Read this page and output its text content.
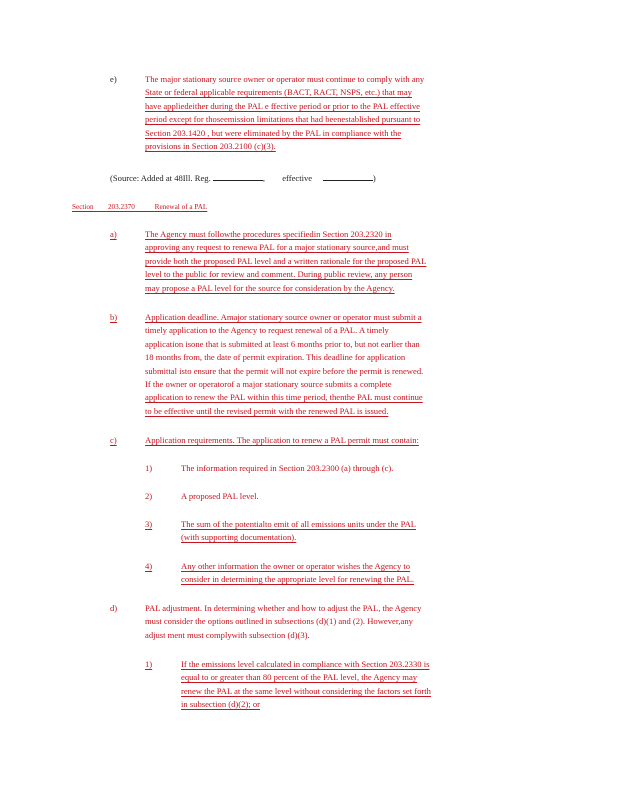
e)	The major stationary source owner or operator must continue to comply with any
State or federal applicable requirements (BACT, RACT, NSPS, etc.) that may
have appliedeither during the PAL e ffective period or prior to the PAL effective
period except for thoseemission limitations that had beenestablished pursuant to
Section 203.1420 , but were eliminated by the PAL in compliance with the
provisions in Section 203.2100 (c)(3).
(Source: Added at 48Ill. Reg.	, effective	)
Section 203.2370	Renewal of a PAL
a)	The Agency must followthe procedures specifiedin Section 203.2320 in
approving any request to renewa PAL for a major stationary source,and must
provide both the proposed PAL level and a written rationale for the proposed PAL
level to the public for review and comment. During public review, any person
may propose a PAL level for the source for consideration by the Agency.
b)	Application deadline. Amajor stationary source owner or operator must submit a
timely application to the Agency to request renewal of a PAL. A timely
application isone that is submitted at least 6 months prior to, but not earlier than
18 months from, the date of permit expiration. This deadline for application
submittal isto ensure that the permit will not expire before the permit is renewed.
If the owner or operatorof a major stationary source submits a complete
application to renew the PAL within this time period, thenthe PAL must continue
to be effective until the revised permit with the renewed PAL is issued.
c)	Application requirements. The application to renew a PAL permit must contain:
1)	The information required in Section 203.2300 (a) through (c).
2)	A proposed PAL level.
3)	The sum of the potentialto emit of all emissions units under the PAL
(with supporting documentation).
4)	Any other information the owner or operator wishes the Agency to
consider in determining the appropriate level for renewing the PAL.
d)	PAL adjustment. In determining whether and how to adjust the PAL, the Agency
must consider the options outlined in subsections (d)(1) and (2). However,any
adjust ment must complywith subsection (d)(3).
1)	If the emissions level calculated in compliance with Section 203.2330 is
equal to or greater than 80 percent of the PAL level, the Agency may
renew the PAL at the same level without considering the factors set forth
in subsection (d)(2); or
